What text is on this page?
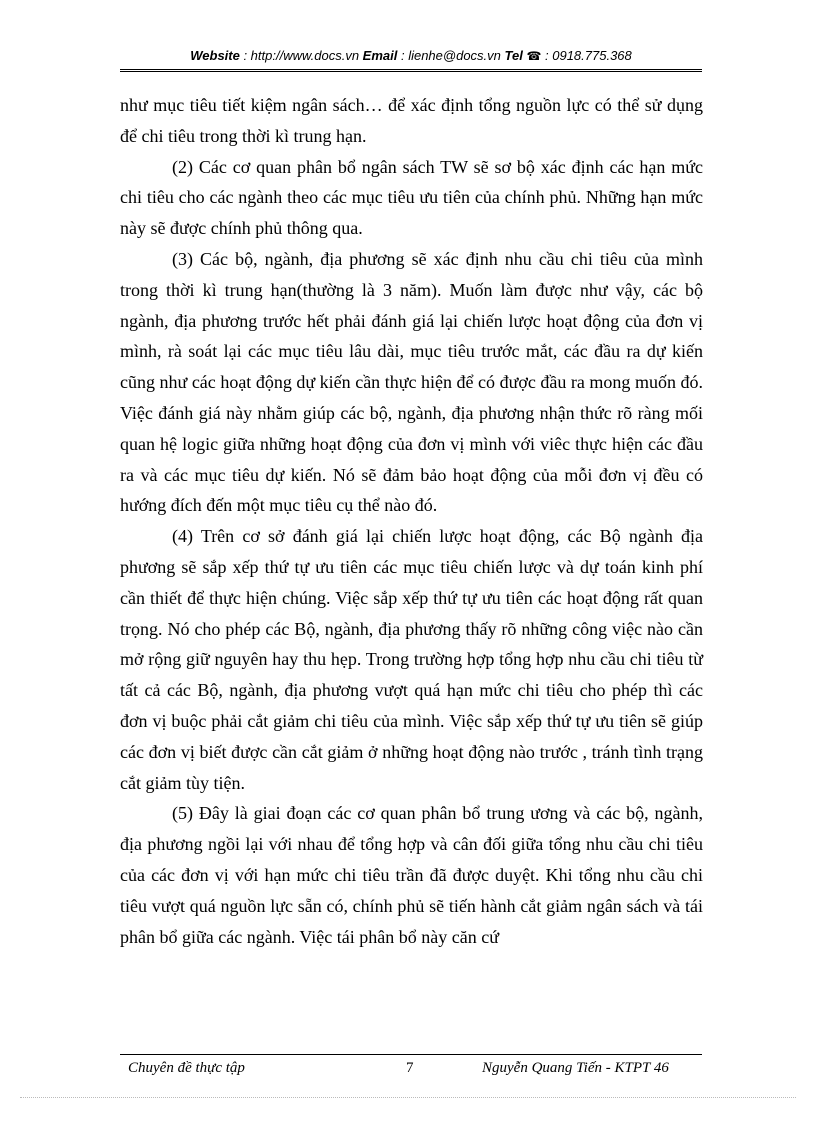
Website : http://www.docs.vn Email : lienhe@docs.vn Tel ☎ : 0918.775.368

như mục tiêu tiết kiệm ngân sách… để xác định tổng nguồn lực có thể sử dụng để chi tiêu trong thời kì trung hạn.

(2) Các cơ quan phân bổ ngân sách TW sẽ sơ bộ xác định các hạn mức chi tiêu cho các ngành theo các mục tiêu ưu tiên của chính phủ. Những hạn mức này sẽ được chính phủ thông qua.

(3) Các bộ, ngành, địa phương sẽ xác định nhu cầu chi tiêu của mình trong thời kì trung hạn(thường là 3 năm). Muốn làm được như vậy, các bộ ngành, địa phương trước hết phải đánh giá lại chiến lược hoạt động của đơn vị mình, rà soát lại các mục tiêu lâu dài, mục tiêu trước mắt, các đầu ra dự kiến cũng như các hoạt động dự kiến cần thực hiện để có được đầu ra mong muốn đó. Việc đánh giá này nhằm giúp các bộ, ngành, địa phương nhận thức rõ ràng mối quan hệ logic giữa những hoạt động của đơn vị mình với viêc thực hiện các đầu ra và các mục tiêu dự kiến. Nó sẽ đảm bảo hoạt động của mỗi đơn vị đều có hướng đích đến một mục tiêu cụ thể nào đó.

(4) Trên cơ sở đánh giá lại chiến lược hoạt động, các Bộ ngành địa phương sẽ sắp xếp thứ tự ưu tiên các mục tiêu chiến lược và dự toán kinh phí cần thiết để thực hiện chúng. Việc sắp xếp thứ tự ưu tiên các hoạt động rất quan trọng. Nó cho phép các Bộ, ngành, địa phương thấy rõ những công việc nào cần mở rộng giữ nguyên hay thu hẹp. Trong trường hợp tổng hợp nhu cầu chi tiêu từ tất cả các Bộ, ngành, địa phương vượt quá hạn mức chi tiêu cho phép thì các đơn vị buộc phải cắt giảm chi tiêu của mình. Việc sắp xếp thứ tự ưu tiên sẽ giúp các đơn vị biết được cần cắt giảm ở những hoạt động nào trước , tránh tình trạng cắt giảm tùy tiện.

(5) Đây là giai đoạn các cơ quan phân bổ trung ương và các bộ, ngành, địa phương ngồi lại với nhau để tổng hợp và cân đối giữa tổng nhu cầu chi tiêu của các đơn vị với hạn mức chi tiêu trần đã được duyệt. Khi tổng nhu cầu chi tiêu vượt quá nguồn lực sẵn có, chính phủ sẽ tiến hành cắt giảm ngân sách và tái phân bổ giữa các ngành. Việc tái phân bổ này căn cứ

Chuyên đề thực tập	7	Nguyễn Quang Tiến - KTPT 46
